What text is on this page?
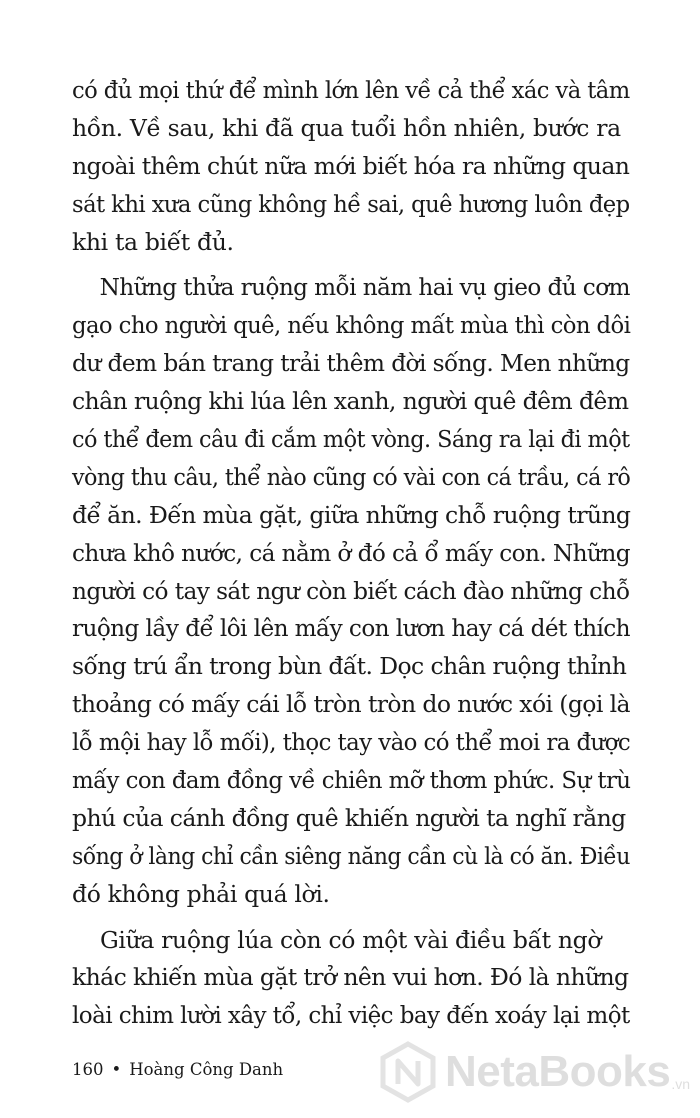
có đủ mọi thứ để mình lớn lên về cả thể xác và tâm
hồn. Về sau, khi đã qua tuổi hồn nhiên, bước ra
ngoài thêm chút nữa mới biết hóa ra những quan
sát khi xưa cũng không hề sai, quê hương luôn đẹp
khi ta biết đủ.
Những thửa ruộng mỗi năm hai vụ gieo đủ cơm
gạo cho người quê, nếu không mất mùa thì còn dôi
dư đem bán trang trải thêm đời sống. Men những
chân ruộng khi lúa lên xanh, người quê đêm đêm
có thể đem câu đi cắm một vòng. Sáng ra lại đi một
vòng thu câu, thể nào cũng có vài con cá trầu, cá rô
để ăn. Đến mùa gặt, giữa những chỗ ruộng trũng
chưa khô nước, cá nằm ở đó cả ổ mấy con. Những
người có tay sát ngư còn biết cách đào những chỗ
ruộng lầy để lôi lên mấy con lươn hay cá dét thích
sống trú ẩn trong bùn đất. Dọc chân ruộng thỉnh
thoảng có mấy cái lỗ tròn tròn do nước xói (gọi là
lỗ mội hay lỗ mối), thọc tay vào có thể moi ra được
mấy con đam đồng về chiên mỡ thơm phức. Sự trù
phú của cánh đồng quê khiến người ta nghĩ rằng
sống ở làng chỉ cần siêng năng cần cù là có ăn. Điều
đó không phải quá lời.
Giữa ruộng lúa còn có một vài điều bất ngờ
khác khiến mùa gặt trở nên vui hơn. Đó là những
loài chim lười xây tổ, chỉ việc bay đến xoáy lại một
160 • Hoàng Công Danh	NetaBooks .vn
